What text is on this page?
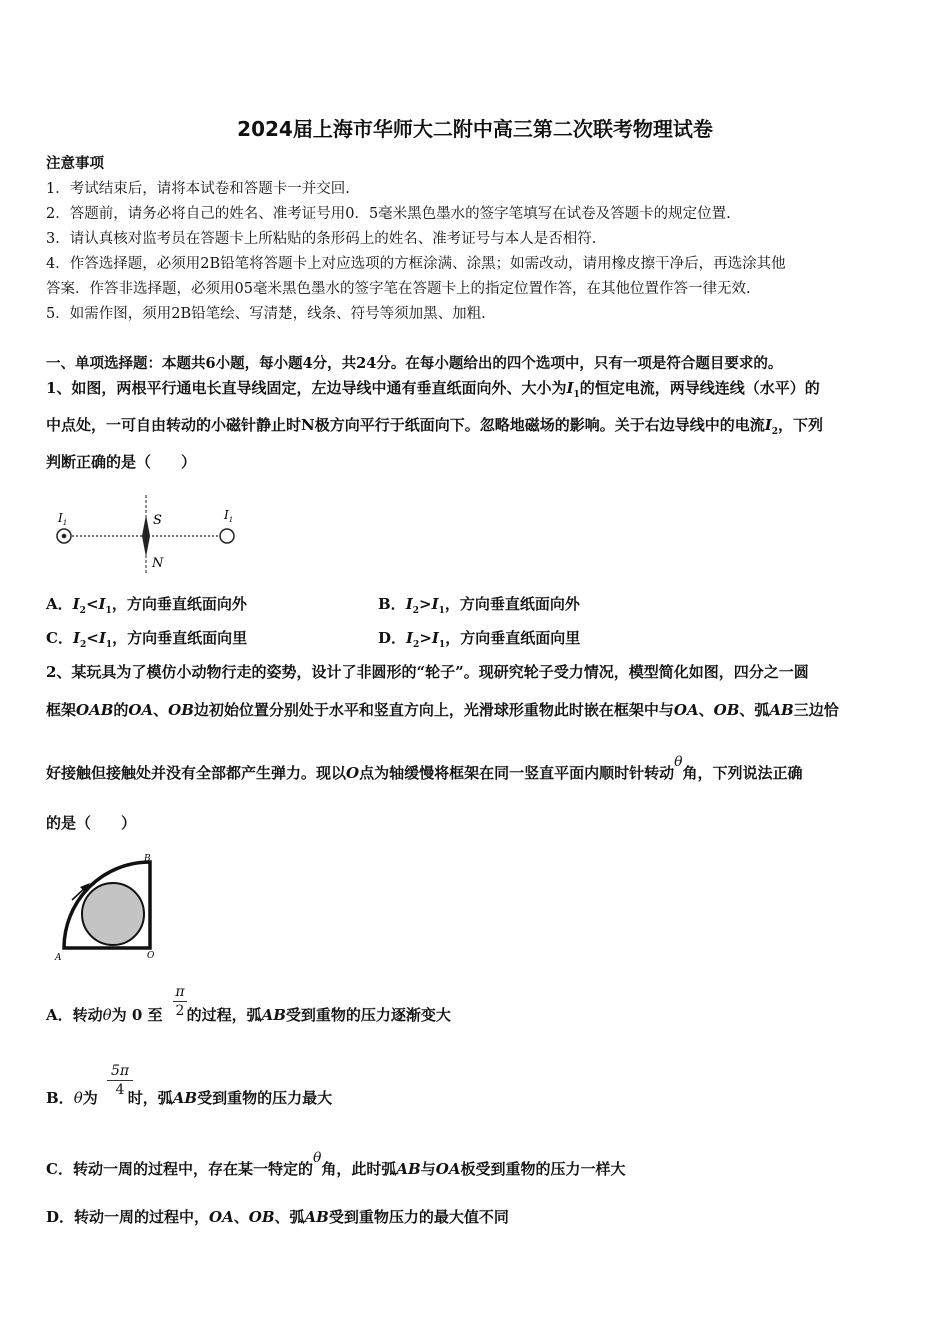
2024届上海市华师大二附中高三第二次联考物理试卷
注意事项
1．考试结束后，请将本试卷和答题卡一并交回.
2．答题前，请务必将自己的姓名、准考证号用0．5毫米黑色墨水的签字笔填写在试卷及答题卡的规定位置.
3．请认真核对监考员在答题卡上所粘贴的条形码上的姓名、准考证号与本人是否相符.
4．作答选择题，必须用2B铅笔将答题卡上对应选项的方框涂满、涂黑；如需改动，请用橡皮擦干净后，再选涂其他
答案．作答非选择题，必须用05毫米黑色墨水的签字笔在答题卡上的指定位置作答，在其他位置作答一律无效.
5．如需作图，须用2B铅笔绘、写清楚，线条、符号等须加黑、加粗.
一、单项选择题：本题共6小题，每小题4分，共24分。在每小题给出的四个选项中，只有一项是符合题目要求的。
1、如图，两根平行通电长直导线固定，左边导线中通有垂直纸面向外、大小为$I_1$的恒定电流，两导线连线（水平）的
中点处，一可自由转动的小磁针静止时N极方向平行于纸面向下。忽略地磁场的影响。关于右边导线中的电流$I_2$，下列
判断正确的是（　　）
$I_1$
$I_1$
S
N
A．$I_2<I_1$，方向垂直纸面向外	B．$I_2>I_1$，方向垂直纸面向外
C．$I_2<I_1$，方向垂直纸面向里	D．$I_2>I_1$，方向垂直纸面向里
2、某玩具为了模仿小动物行走的姿势，设计了非圆形的“轮子”。现研究轮子受力情况，模型简化如图，四分之一圆
框架OAB的OA、OB边初始位置分别处于水平和竖直方向上，光滑球形重物此时嵌在框架中与OA、OB、弧AB三边恰
好接触但接触处并没有全部都产生弹力。现以O点为轴缓慢将框架在同一竖直平面内顺时针转动θ角，下列说法正确
的是（　　）
B
A	O
A．转动θ为 0 至 的过程，弧AB受到重物的压力逐渐变大
π
2
B．θ为 时，弧AB受到重物的压力最大
5π
4
C．转动一周的过程中，存在某一特定的θ角，此时弧AB与OA板受到重物的压力一样大
D．转动一周的过程中，OA、OB、弧AB受到重物压力的最大值不同
